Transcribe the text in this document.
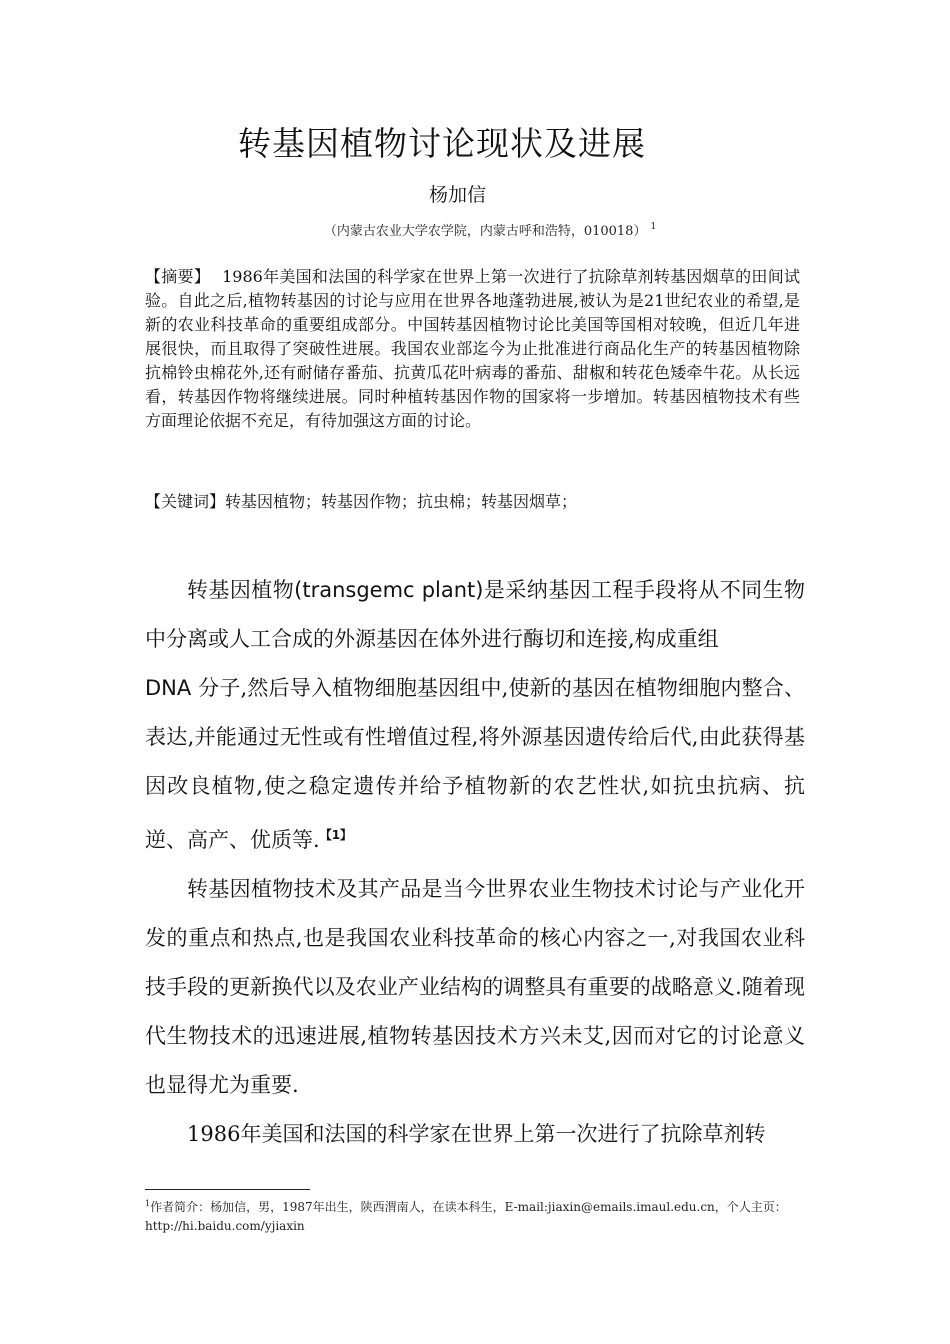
转基因植物讨论现状及进展
杨加信
（内蒙古农业大学农学院，内蒙古呼和浩特，010018） $^1$
【摘要】 1986年美国和法国的科学家在世界上第一次进行了抗除草剂转基因烟草的田间试验。自此之后,植物转基因的讨论与应用在世界各地蓬勃进展,被认为是21世纪农业的希望,是新的农业科技革命的重要组成部分。中国转基因植物讨论比美国等国相对较晚，但近几年进展很快，而且取得了突破性进展。我国农业部迄今为止批准进行商品化生产的转基因植物除抗棉铃虫棉花外,还有耐储存番茄、抗黄瓜花叶病毒的番茄、甜椒和转花色矮牵牛花。从长远看，转基因作物将继续进展。同时种植转基因作物的国家将一步增加。转基因植物技术有些方面理论依据不充足，有待加强这方面的讨论。
【关键词】转基因植物；转基因作物；抗虫棉；转基因烟草；

转基因植物(transgemc plant)是采纳基因工程手段将从不同生物中分离或人工合成的外源基因在体外进行酶切和连接,构成重组
DNA 分子,然后导入植物细胞基因组中,使新的基因在植物细胞内整合、表达,并能通过无性或有性增值过程,将外源基因遗传给后代,由此获得基因改良植物,使之稳定遗传并给予植物新的农艺性状,如抗虫抗病、抗逆、高产、优质等.$^{【1】}$

转基因植物技术及其产品是当今世界农业生物技术讨论与产业化开发的重点和热点,也是我国农业科技革命的核心内容之一,对我国农业科技手段的更新换代以及农业产业结构的调整具有重要的战略意义.随着现代生物技术的迅速进展,植物转基因技术方兴未艾,因而对它的讨论意义也显得尤为重要.

1986年美国和法国的科学家在世界上第一次进行了抗除草剂转

$^1$作者简介：杨加信，男，1987年出生，陕西渭南人，在读本科生，E-mail:jiaxin@emails.imaul.edu.cn，个人主页：http://hi.baidu.com/yjiaxin
